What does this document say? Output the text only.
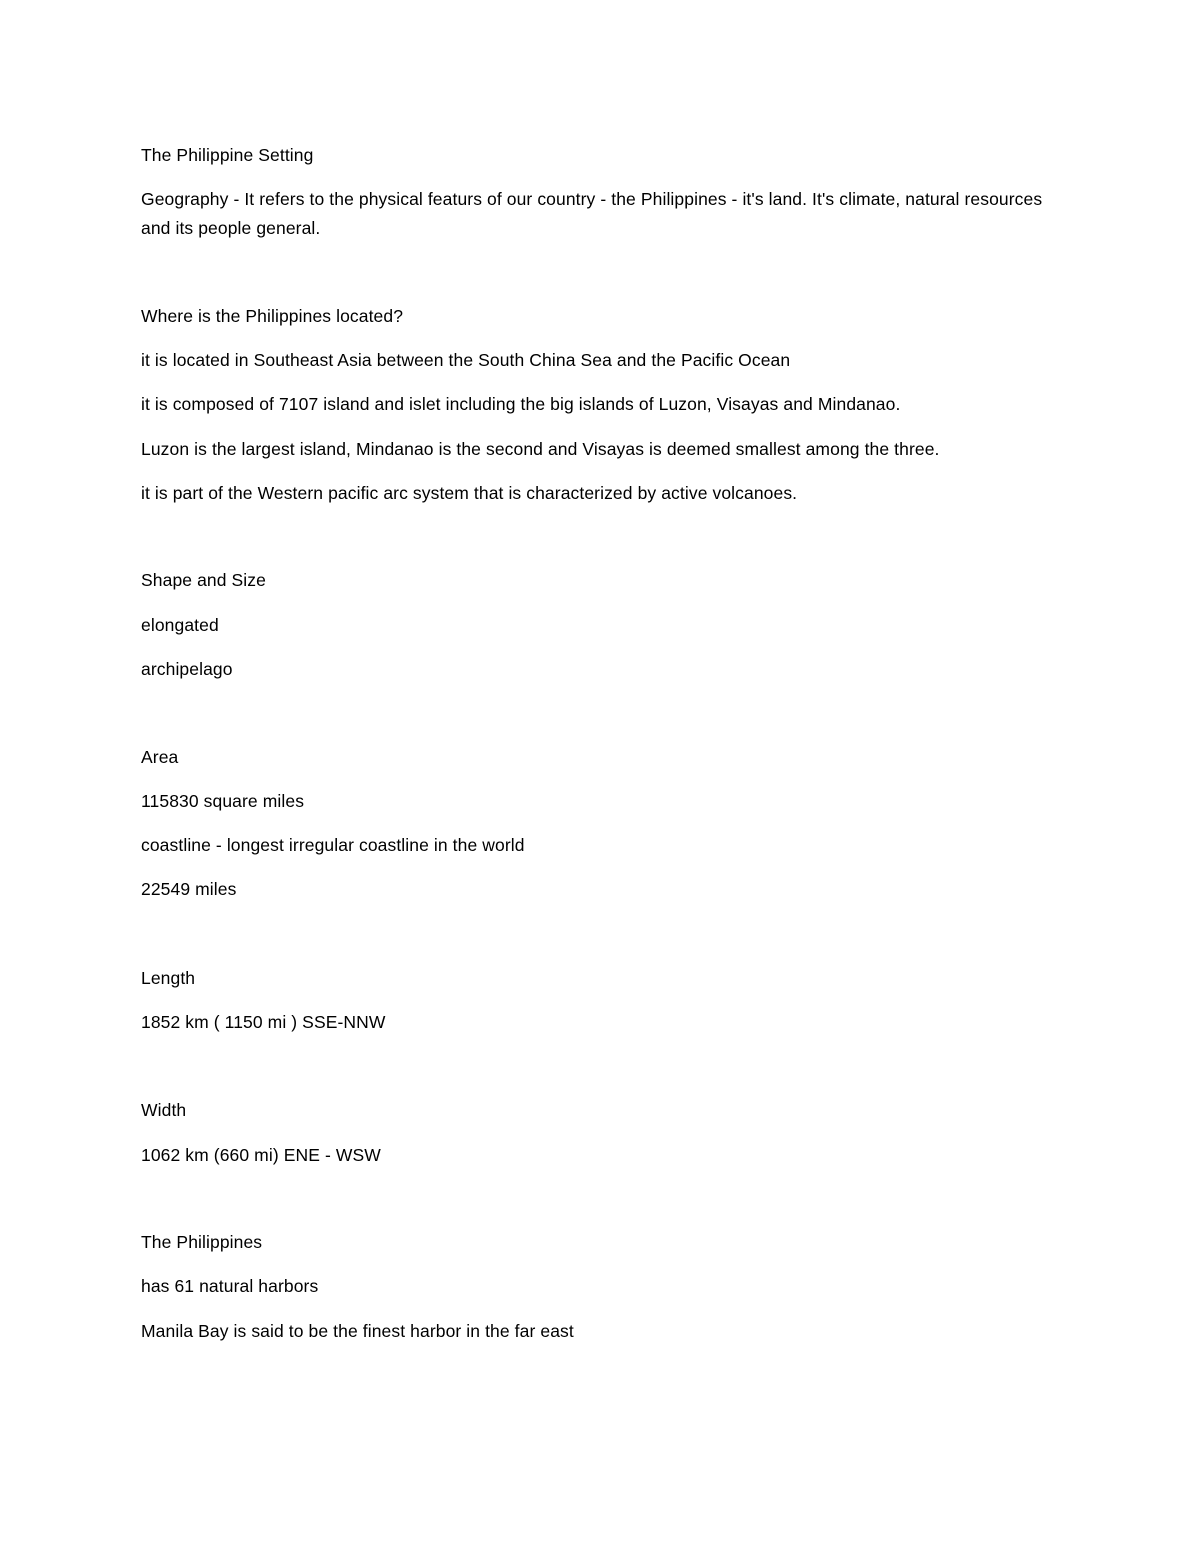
The Philippine Setting
Geography - It refers to the physical featurs of our country - the Philippines - it's land. It's climate, natural resources and its people general.
Where is the Philippines located?
it is located in Southeast Asia between the South China Sea and the Pacific Ocean
it is composed of 7107 island and islet including the big islands of Luzon, Visayas and Mindanao.
Luzon is the largest island, Mindanao is the second and Visayas is deemed smallest among the three.
it is part of the Western pacific arc system that is characterized by active volcanoes.
Shape and Size
elongated
archipelago
Area
115830 square miles
coastline - longest irregular coastline in the world
22549 miles
Length
1852 km ( 1150 mi ) SSE-NNW
Width
1062 km (660 mi) ENE - WSW
The Philippines
has 61 natural harbors
Manila Bay is said to be the finest harbor in the far east
